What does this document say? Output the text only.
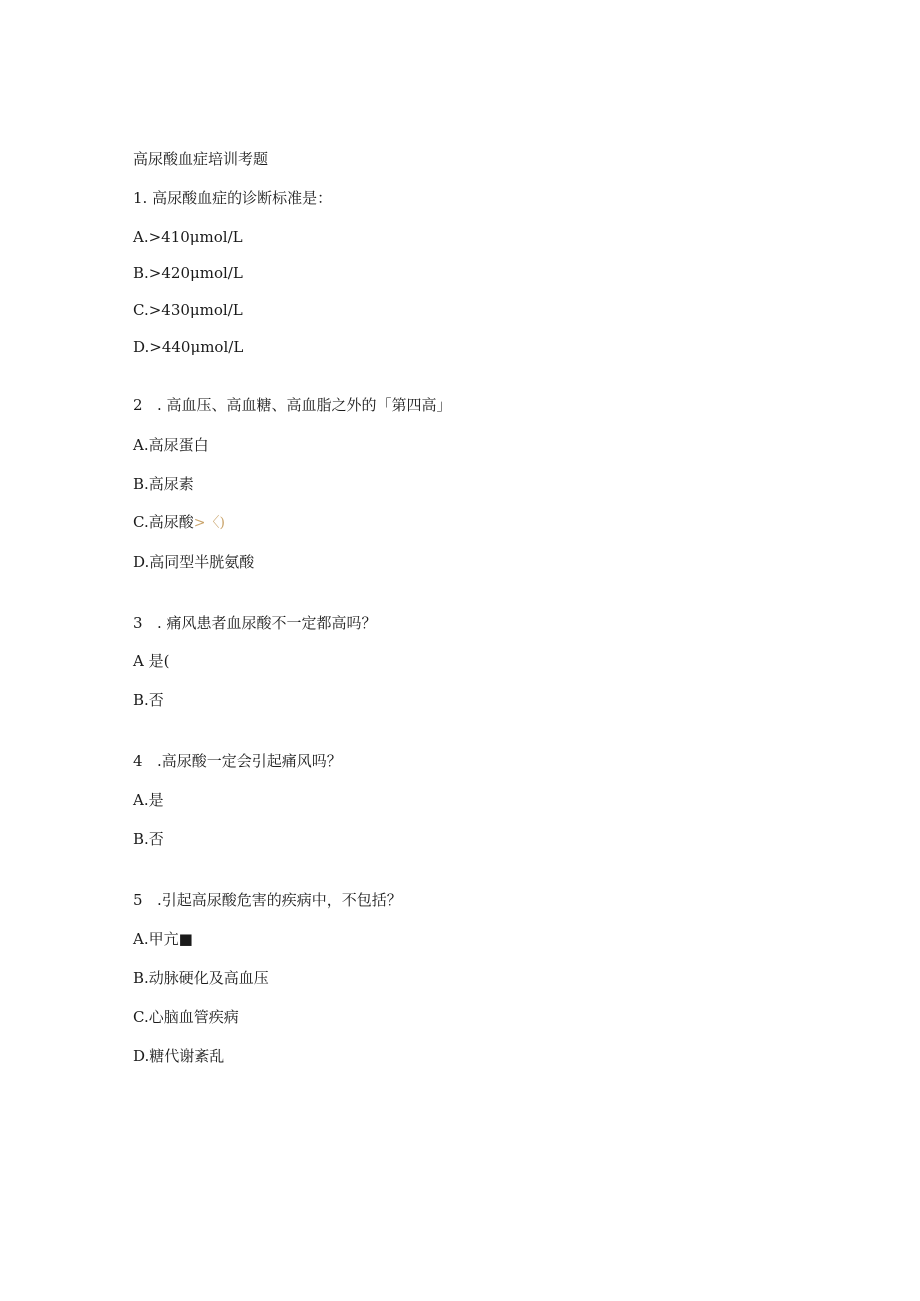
高尿酸血症培训考题
1. 高尿酸血症的诊断标准是：
A.>410μmol/L
B.>420μmol/L
C.>430μmol/L
D.>440μmol/L
2 . 高血压、高血糖、高血脂之外的「第四高」
A.高尿蛋白
B.高尿素
C.高尿酸>〈)
D.高同型半胱氨酸
3 . 痛风患者血尿酸不一定都高吗？
A 是(
B.否
4 .高尿酸一定会引起痛风吗？
A.是
B.否
5 .引起高尿酸危害的疾病中，不包括？
A.甲亢■
B.动脉硬化及高血压
C.心脑血管疾病
D.糖代谢紊乱
